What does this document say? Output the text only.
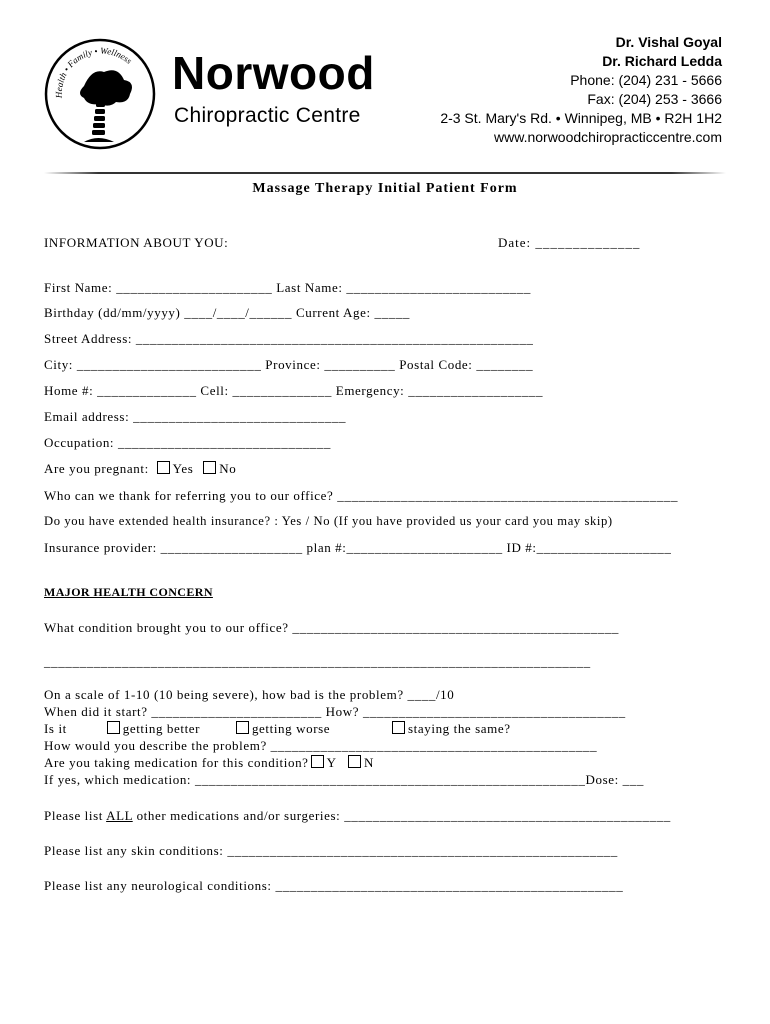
Health • Family • Wellness Norwood
Chiropractic Centre
Dr. Vishal Goyal
Dr. Richard Ledda
Phone: (204) 231 - 5666
Fax: (204) 253 - 3666
2-3 St. Mary's Rd. • Winnipeg, MB • R2H 1H2
www.norwoodchiropracticcentre.com
Massage Therapy Initial Patient Form
INFORMATION ABOUT YOU:	Date: ______________
First Name: ______________________ Last Name: __________________________
Birthday (dd/mm/yyyy) ____/____/______ Current Age: _____
Street Address: ________________________________________________________
City: __________________________ Province: __________ Postal Code: ________
Home #: ______________ Cell: ______________ Emergency: ___________________
Email address: ______________________________
Occupation: ______________________________
Are you pregnant: Yes No
Who can we thank for referring you to our office? ________________________________________________
Do you have extended health insurance? : Yes / No (If you have provided us your card you may skip)
Insurance provider: ____________________ plan #:______________________ ID #:___________________
MAJOR HEALTH CONCERN
What condition brought you to our office? ______________________________________________
_____________________________________________________________________________
On a scale of 1-10 (10 being severe), how bad is the problem? ____/10
When did it start? ________________________ How? _____________________________________
Is it	getting better	getting worse	staying the same?
How would you describe the problem? ______________________________________________
Are you taking medication for this condition? Y N
If yes, which medication: _______________________________________________________Dose: ___
Please list ALL other medications and/or surgeries: ______________________________________________
Please list any skin conditions: _______________________________________________________
Please list any neurological conditions: _________________________________________________
